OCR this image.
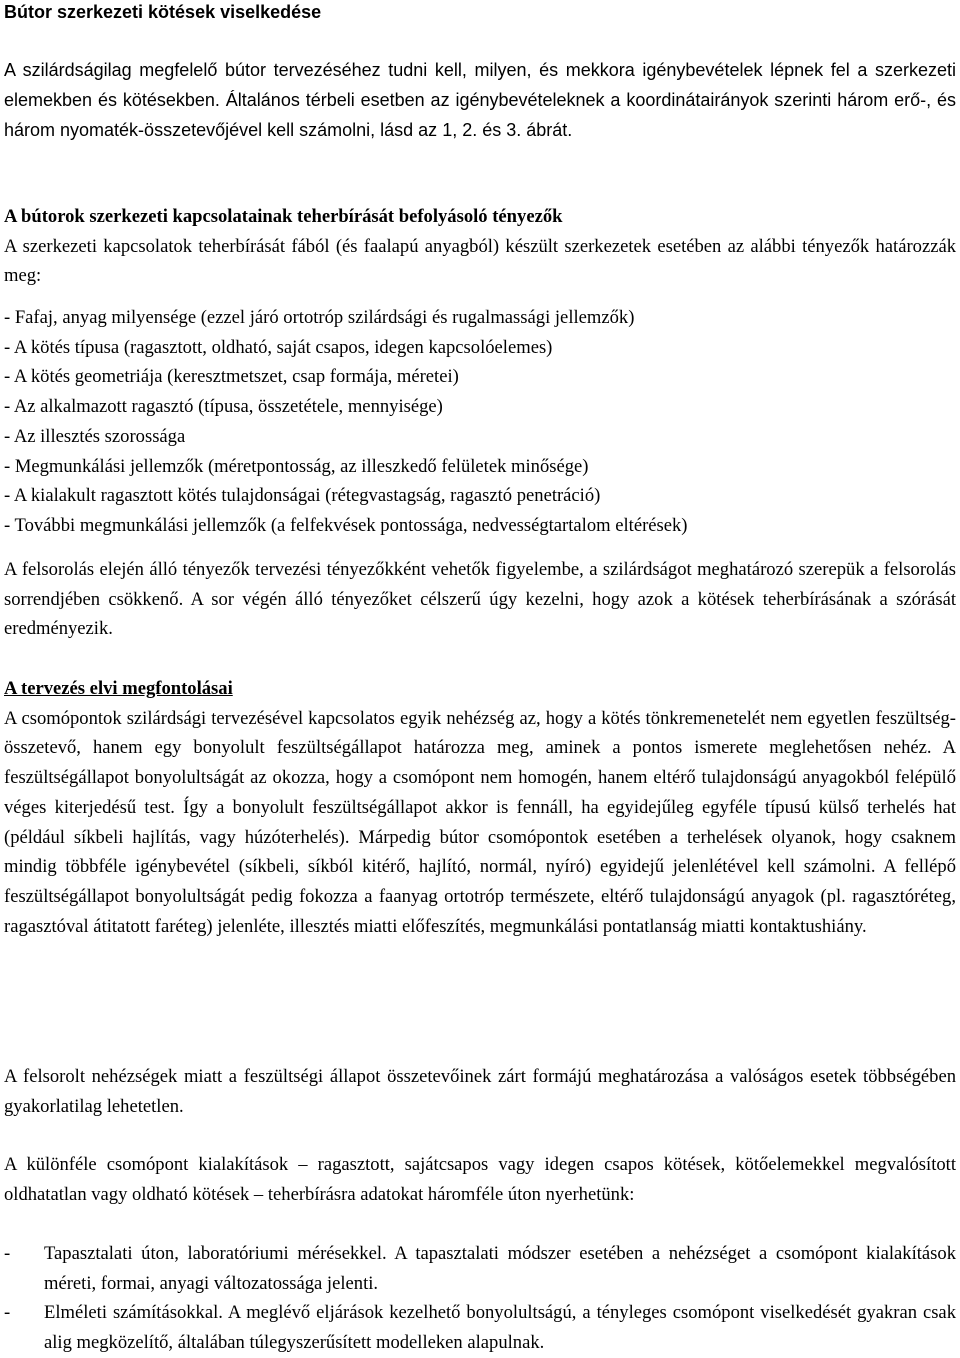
Bútor szerkezeti kötések viselkedése
A szilárdságilag megfelelő bútor tervezéséhez tudni kell, milyen, és mekkora igénybevételek lépnek fel a szerkezeti elemekben és kötésekben. Általános térbeli esetben az igénybevételeknek a koordinátairányok szerinti három erő-, és három nyomaték-összetevőjével kell számolni, lásd az 1, 2. és 3. ábrát.
A bútorok szerkezeti kapcsolatainak teherbírását befolyásoló tényezők
A szerkezeti kapcsolatok teherbírását fából (és faalapú anyagból) készült szerkezetek esetében az alábbi tényezők határozzák meg:
- Fafaj, anyag milyensége (ezzel járó ortotróp szilárdsági és rugalmassági jellemzők)
- A kötés típusa (ragasztott, oldható, saját csapos, idegen kapcsolóelemes)
- A kötés geometriája (keresztmetszet, csap formája, méretei)
- Az alkalmazott ragasztó (típusa, összetétele, mennyisége)
- Az illesztés szorossága
- Megmunkálási jellemzők (méretpontosság, az illeszkedő felületek minősége)
- A kialakult ragasztott kötés tulajdonságai (rétegvastagság, ragasztó penetráció)
- További megmunkálási jellemzők (a felfekvések pontossága, nedvességtartalom eltérések)
A felsorolás elején álló tényezők tervezési tényezőkként vehetők figyelembe, a szilárdságot meghatározó szerepük a felsorolás sorrendjében csökkenő. A sor végén álló tényezőket célszerű úgy kezelni, hogy azok a kötések teherbírásának a szórását eredményezik.
A tervezés elvi megfontolásai
A csomópontok szilárdsági tervezésével kapcsolatos egyik nehézség az, hogy a kötés tönkremenetelét nem egyetlen feszültség-összetevő, hanem egy bonyolult feszültségállapot határozza meg, aminek a pontos ismerete meglehetősen nehéz. A feszültségállapot bonyolultságát az okozza, hogy a csomópont nem homogén, hanem eltérő tulajdonságú anyagokból felépülő véges kiterjedésű test. Így a bonyolult feszültségállapot akkor is fennáll, ha egyidejűleg egyféle típusú külső terhelés hat (például síkbeli hajlítás, vagy húzóterhelés). Márpedig bútor csomópontok esetében a terhelések olyanok, hogy csaknem mindig többféle igénybevétel (síkbeli, síkból kitérő, hajlító, normál, nyíró) egyidejű jelenlétével kell számolni. A fellépő feszültségállapot bonyolultságát pedig fokozza a faanyag ortotróp természete, eltérő tulajdonságú anyagok (pl. ragasztóréteg, ragasztóval átitatott faréteg) jelenléte, illesztés miatti előfeszítés, megmunkálási pontatlanság miatti kontaktushiány.
A felsorolt nehézségek miatt a feszültségi állapot összetevőinek zárt formájú meghatározása a valóságos esetek többségében gyakorlatilag lehetetlen.
A különféle csomópont kialakítások – ragasztott, sajátcsapos vagy idegen csapos kötések, kötőelemekkel megvalósított oldhatatlan vagy oldható kötések – teherbírásra adatokat háromféle úton nyerhetünk:
-	Tapasztalati úton, laboratóriumi mérésekkel. A tapasztalati módszer esetében a nehézséget a csomópont kialakítások méreti, formai, anyagi változatossága jelenti.
-	Elméleti számításokkal. A meglévő eljárások kezelhető bonyolultságú, a tényleges csomópont viselkedését gyakran csak alig megközelítő, általában túlegyszerűsített modelleken alapulnak.
